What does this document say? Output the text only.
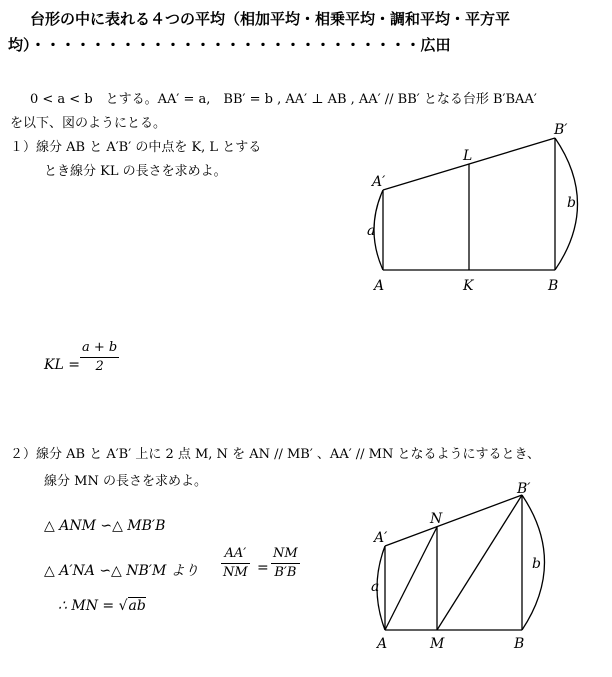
台形の中に表れる４つの平均（相加平均・相乗平均・調和平均・平方平
均）・・・・・・・・・・・・・・・・・・・・・・・・・・広田
0 < a < b　とする。AA′ = a,　BB′ = b , AA′ ⊥ AB , AA′ // BB′ となる台形 B′BAA′
を以下、図のようにとる。
１）線分 AB と A′B′ の中点を K, L とする
とき線分 KL の長さを求めよ。
KL = $\frac{a + b}{2}$
A	B
K
L
A′
B′
a
b
２）線分 AB と A′B′ 上に 2 点 M, N を AN // MB′ 、AA′ // MN となるようにするとき、
線分 MN の長さを求めよ。
△ ANM ∽△ MB′B
△ A′NA ∽△ NB′M より $\frac{AA'}{NM} = \frac{NM}{B'B}$
∴ MN = √ab
A	B
M
N
A′
B′
a
b
